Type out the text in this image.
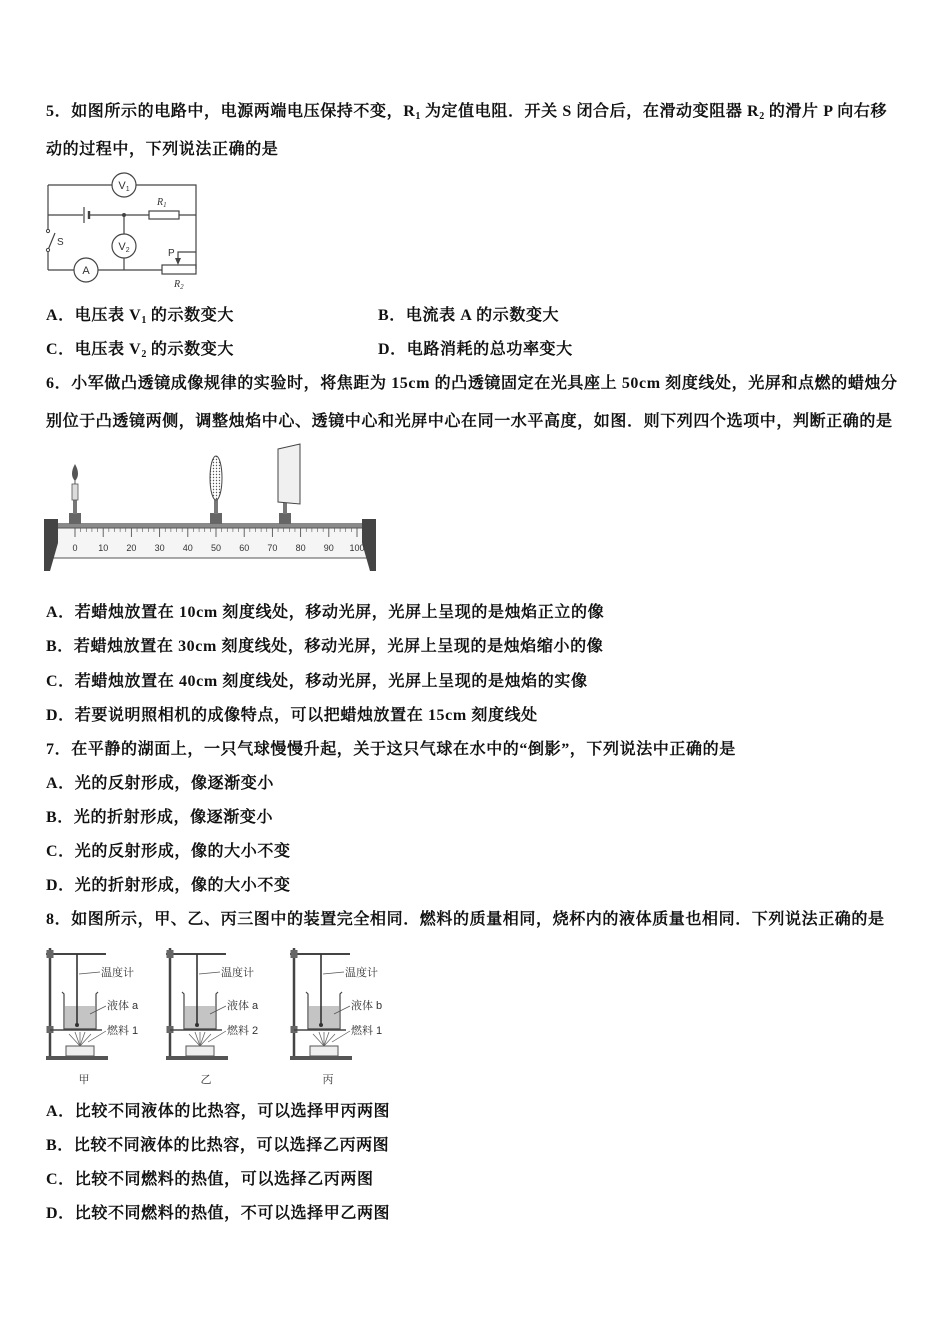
5．如图所示的电路中，电源两端电压保持不变，$R_1$ 为定值电阻．开关 S 闭合后，在滑动变阻器 $R_2$ 的滑片 P 向右移
动的过程中，下列说法正确的是
V1
V2
A
S
P
$R_1$
$R_2$
A．电压表 $V_1$ 的示数变大	B．电流表 A 的示数变大
C．电压表 $V_2$ 的示数变大	D．电路消耗的总功率变大
6．小军做凸透镜成像规律的实验时，将焦距为 15cm 的凸透镜固定在光具座上 50cm 刻度线处，光屏和点燃的蜡烛分
别位于凸透镜两侧，调整烛焰中心、透镜中心和光屏中心在同一水平高度，如图．则下列四个选项中，判断正确的是
0 10 20 30 40 50 60 70 80 90 100
A．若蜡烛放置在 10cm 刻度线处，移动光屏，光屏上呈现的是烛焰正立的像
B．若蜡烛放置在 30cm 刻度线处，移动光屏，光屏上呈现的是烛焰缩小的像
C．若蜡烛放置在 40cm 刻度线处，移动光屏，光屏上呈现的是烛焰的实像
D．若要说明照相机的成像特点，可以把蜡烛放置在 15cm 刻度线处
7．在平静的湖面上，一只气球慢慢升起，关于这只气球在水中的“倒影”，下列说法中正确的是
A．光的反射形成，像逐渐变小
B．光的折射形成，像逐渐变小
C．光的反射形成，像的大小不变
D．光的折射形成，像的大小不变
8．如图所示，甲、乙、丙三图中的装置完全相同．燃料的质量相同，烧杯内的液体质量也相同．下列说法正确的是
温度计
液体 a
燃料 1
甲
温度计
液体 a
燃料 2
乙
温度计
液体 b
燃料 1
丙
A．比较不同液体的比热容，可以选择甲丙两图
B．比较不同液体的比热容，可以选择乙丙两图
C．比较不同燃料的热值，可以选择乙丙两图
D．比较不同燃料的热值，不可以选择甲乙两图
